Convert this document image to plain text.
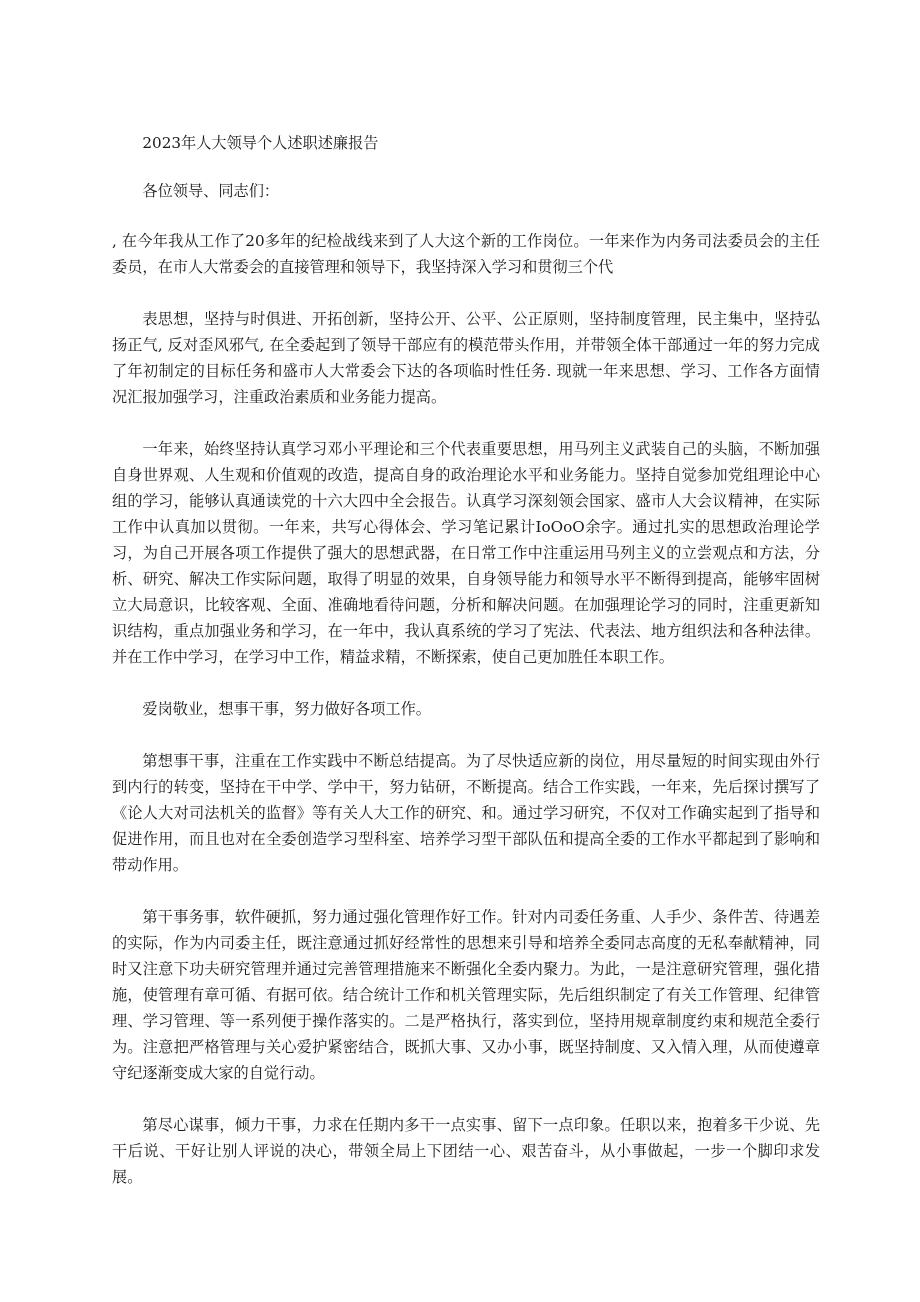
2023年人大领导个人述职述廉报告

各位领导、同志们：

, 在今年我从工作了20多年的纪检战线来到了人大这个新的工作岗位。一年来作为内务司法委员会的主任委员，在市人大常委会的直接管理和领导下，我坚持深入学习和贯彻三个代

表思想，坚持与时俱进、开拓创新，坚持公开、公平、公正原则，坚持制度管理，民主集中，坚持弘扬正气, 反对歪风邪气, 在全委起到了领导干部应有的模范带头作用，并带领全体干部通过一年的努力完成了年初制定的目标任务和盛市人大常委会下达的各项临时性任务. 现就一年来思想、学习、工作各方面情况汇报加强学习，注重政治素质和业务能力提高。

一年来，始终坚持认真学习邓小平理论和三个代表重要思想，用马列主义武装自己的头脑，不断加强自身世界观、人生观和价值观的改造，提高自身的政治理论水平和业务能力。坚持自觉参加党组理论中心组的学习，能够认真通读党的十六大四中全会报告。认真学习深刻领会国家、盛市人大会议精神，在实际工作中认真加以贯彻。一年来，共写心得体会、学习笔记累计IoOoO余字。通过扎实的思想政治理论学习，为自己开展各项工作提供了强大的思想武器，在日常工作中注重运用马列主义的立尝观点和方法，分析、研究、解决工作实际问题，取得了明显的效果，自身领导能力和领导水平不断得到提高，能够牢固树立大局意识，比较客观、全面、准确地看待问题，分析和解决问题。在加强理论学习的同时，注重更新知识结构，重点加强业务和学习，在一年中，我认真系统的学习了宪法、代表法、地方组织法和各种法律。并在工作中学习，在学习中工作，精益求精，不断探索，使自己更加胜任本职工作。

爱岗敬业，想事干事，努力做好各项工作。

第想事干事，注重在工作实践中不断总结提高。为了尽快适应新的岗位，用尽量短的时间实现由外行到内行的转变，坚持在干中学、学中干，努力钻研，不断提高。结合工作实践，一年来，先后探讨撰写了《论人大对司法机关的监督》等有关人大工作的研究、和。通过学习研究，不仅对工作确实起到了指导和促进作用，而且也对在全委创造学习型科室、培养学习型干部队伍和提高全委的工作水平都起到了影响和带动作用。

第干事务事，软件硬抓，努力通过强化管理作好工作。针对内司委任务重、人手少、条件苦、待遇差的实际，作为内司委主任，既注意通过抓好经常性的思想来引导和培养全委同志高度的无私奉献精神，同时又注意下功夫研究管理并通过完善管理措施来不断强化全委内聚力。为此，一是注意研究管理，强化措施，使管理有章可循、有据可依。结合统计工作和机关管理实际，先后组织制定了有关工作管理、纪律管理、学习管理、等一系列便于操作落实的。二是严格执行，落实到位，坚持用规章制度约束和规范全委行为。注意把严格管理与关心爱护紧密结合，既抓大事、又办小事，既坚持制度、又入情入理，从而使遵章守纪逐渐变成大家的自觉行动。

第尽心谋事，倾力干事，力求在任期内多干一点实事、留下一点印象。任职以来，抱着多干少说、先干后说、干好让别人评说的决心，带领全局上下团结一心、艰苦奋斗，从小事做起，一步一个脚印求发展。
